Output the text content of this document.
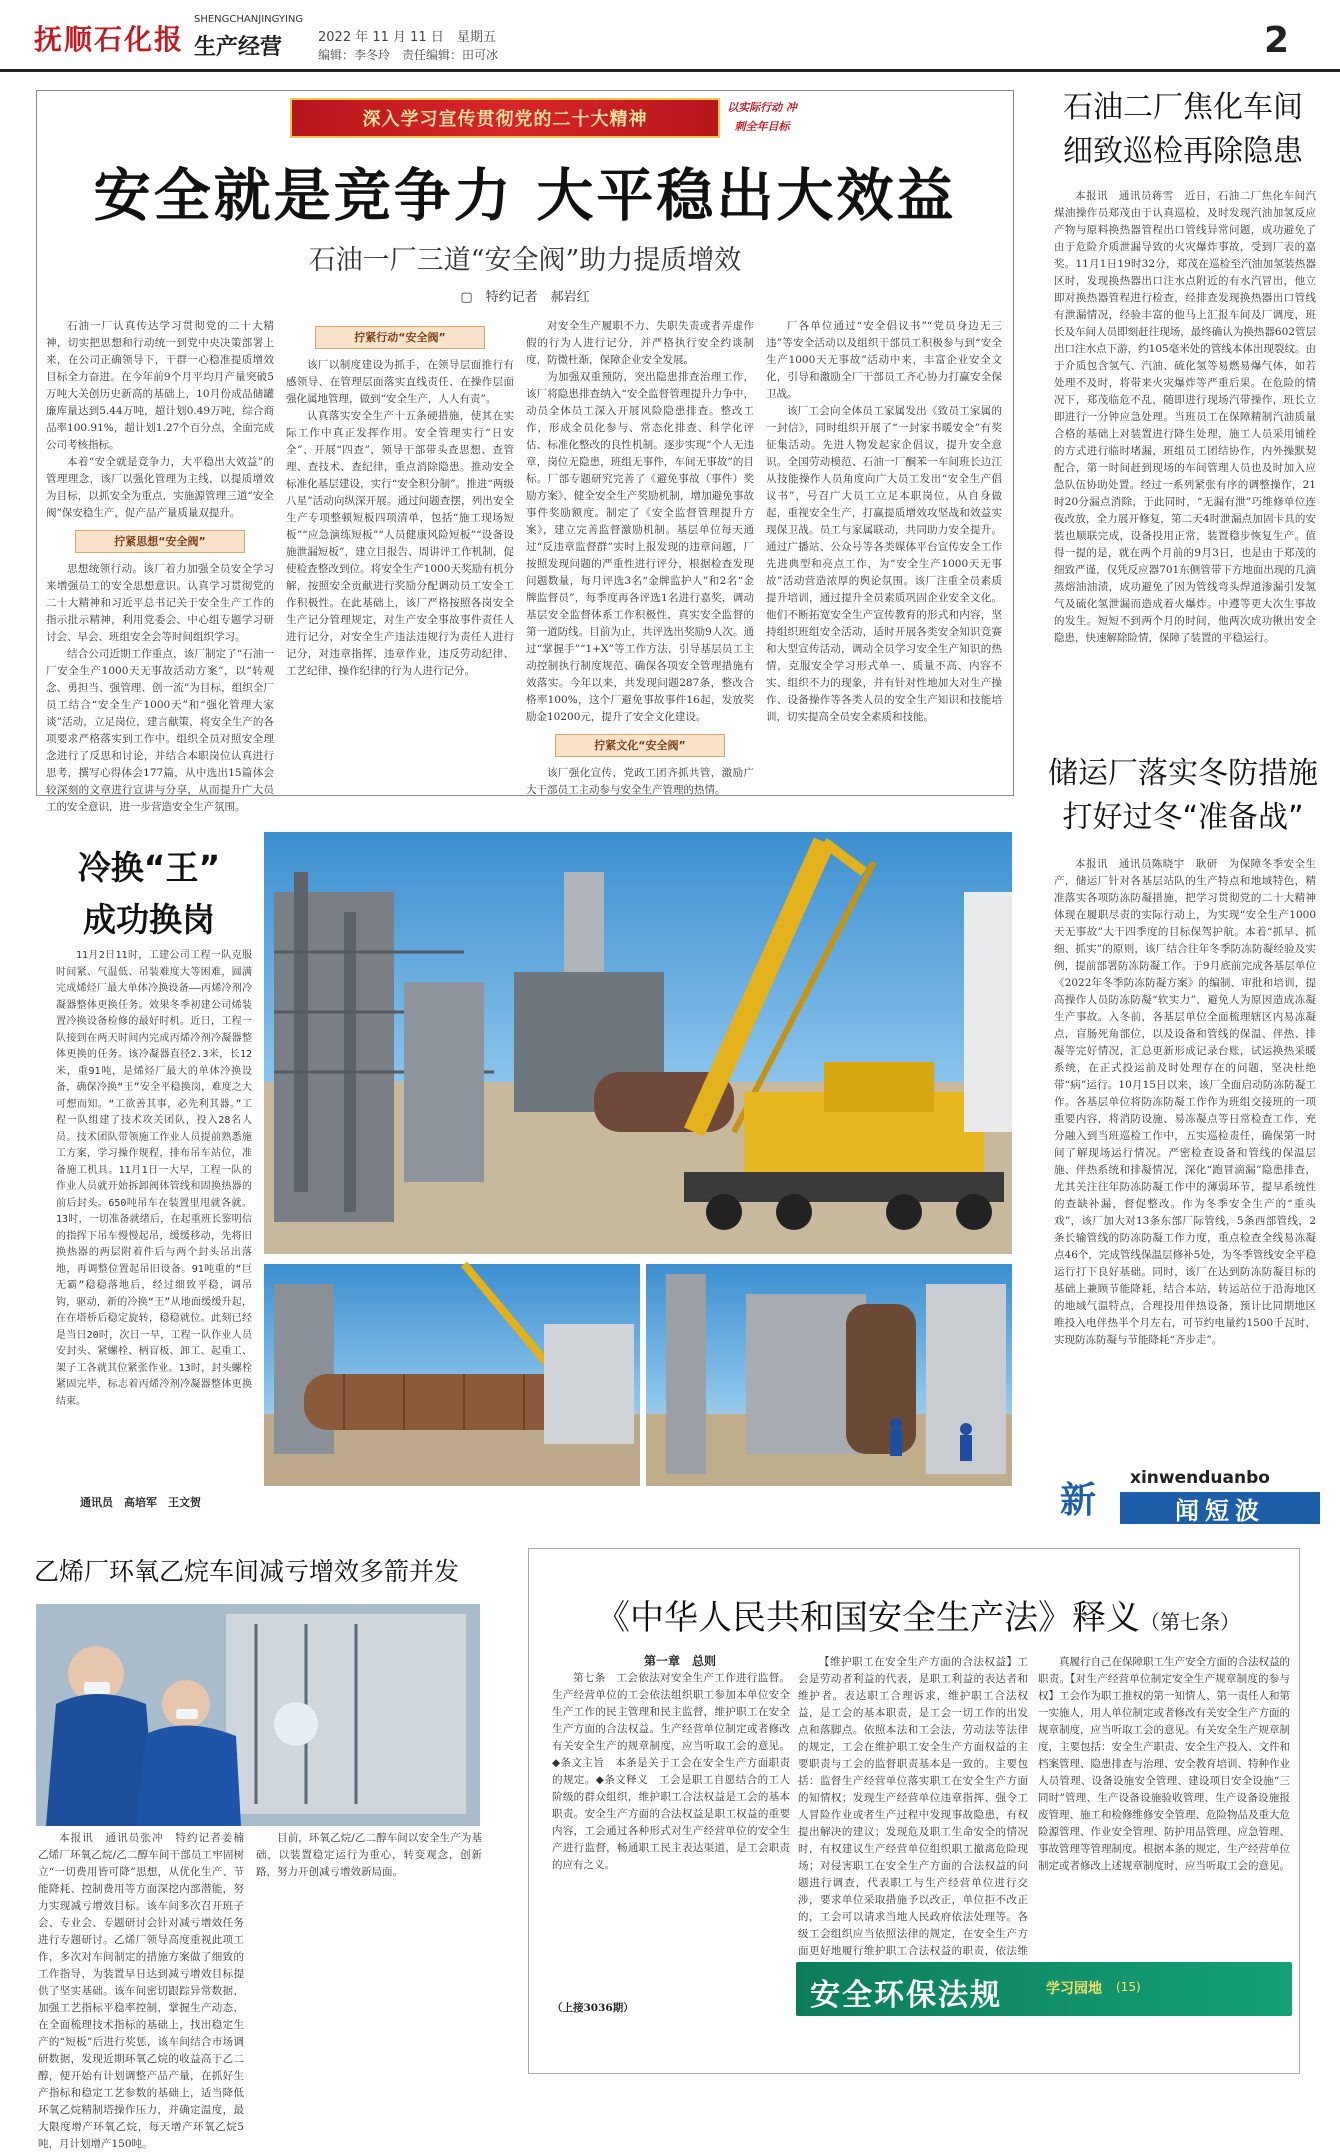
抚顺石化报
SHENGCHANJINGYING
生产经营	2022 年 11 月 11 日　星期五
编辑：李冬玲　责任编辑：田可冰	2
深入学习宣传贯彻党的二十大精神
以实际行动 冲刺全年目标
安全就是竞争力 大平稳出大效益
石油一厂三道“安全阀”助力提质增效
▢　特约记者　郝岩红

石油一厂认真传达学习贯彻党的二十大精神，切实把思想和行动统一到党中央决策部署上来，在公司正确领导下，干群一心稳准提质增效目标全力奋进。在今年前9个月平均月产量突破5万吨大关创历史新高的基础上，10月份成品储罐廉库量达到5.44万吨，超计划0.49万吨，综合商品率100.91%，超计划1.27个百分点，全面完成公司考核指标。

本着“安全就是竞争力，大平稳出大效益”的管理理念，该厂以强化管理为主线，以提质增效为目标，以抓安全为重点，实施源管理三道“安全阀”保安稳生产，促产品产量质量双提升。

拧紧思想“安全阀”

思想统领行动。该厂着力加强全员安全学习来增强员工的安全思想意识。认真学习贯彻党的二十大精神和习近平总书记关于安全生产工作的指示批示精神，利用党委会、中心组专题学习研讨会、早会、班组安全会等时间组织学习。

结合公司近期工作重点，该厂制定了“石油一厂安全生产1000天无事故活动方案”，以“转观念、勇担当、强管理、创一流”为目标，组织全厂员工结合“安全生产1000天”和“强化管理大家谈”活动，立足岗位，建言献策，将安全生产的各项要求严格落实到工作中。组织全员对照安全理念进行了反思和讨论，并结合本职岗位认真进行思考，撰写心得体会177篇，从中选出15篇体会较深刻的文章进行宣讲与分享，从而提升广大员工的安全意识，进一步营造安全生产氛围。

拧紧行动“安全阀”

该厂以制度建设为抓手，在领导层面推行有感领导、在管理层面落实直线责任、在操作层面强化属地管理，做到“安全生产，人人有责”。

认真落实安全生产十五条硬措施，使其在实际工作中真正发挥作用。安全管理实行“日安全”、开展“四查”，领导干部带头查思想、查管理、查技术、查纪律，重点消除隐患。推动安全标准化基层建设，实行“安全积分制”。推进“两级八星”活动向纵深开展。通过问题查摆，列出安全生产专项整顿短板四项清单，包括“施工现场短板”“应急演练短板”“人员健康风险短板”“设备设施泄漏短板”，建立目报告、周讲评工作机制，促使检查整改到位。将安全生产1000天奖励有机分解，按照安全贡献进行奖励分配调动员工安全工作积极性。在此基础上，该厂严格按照各岗安全生产记分管理规定，对生产安全事故事件责任人进行记分，对安全生产违法违规行为责任人进行记分，对违章指挥、违章作业，违反劳动纪律、工艺纪律、操作纪律的行为人进行记分。

对安全生产履职不力、失职失责或者弄虚作假的行为人进行记分，并严格执行安全约谈制度，防微杜渐，保障企业安全发展。

为加强双重预防，突出隐患排查治理工作，该厂将隐患排查纳入“安全监督管理提升力争中，动员全体员工深入开展风险隐患排查。整改工作，形成全员化参与、常态化排查、科学化评估、标准化整改的良性机制。逐步实现“个人无违章，岗位无隐患，班组无事件，车间无事故”的目标。厂部专题研究完善了《避免事故（事件）奖励方案》、健全安全生产奖励机制，增加避免事故事件奖励额度。制定了《安全监督管理提升方案》，建立完善监督激励机制。基层单位每天通过“反违章监督群”实时上报发现的违章问题，厂按照发现问题的严重性进行评分，根据检查发现问题数量，每月评选3名“金牌监护人”和2名“金牌监督员”，每季度再各评选1名进行嘉奖，调动基层安全监督体系工作积极性，真实安全监督的第一道防线。目前为止，共评选出奖励9人次。通过“掌握手”“1+X”等工作方法，引导基层员工主动控制执行制度规范、确保各项安全管理措施有效落实。今年以来，共发现问题287条，整改合格率100%，这个厂避免事故事件16起，发放奖励金10200元，提升了安全文化建设。

拧紧文化“安全阀”

该厂强化宣传，党政工团齐抓共管，激励广大干部员工主动参与安全生产管理的热情。

厂各单位通过“安全倡议书”“党员身边无三违”等安全活动以及组织干部员工积极参与到“安全生产1000天无事故”活动中来，丰富企业安全文化，引导和激励全厂干部员工齐心协力打赢安全保卫战。

该厂工会向全体员工家属发出《致员工家属的一封信》，同时组织开展了“一封家书暖安全”有奖征集活动。先进人物发起家企倡议，提升安全意识。全国劳动模范、石油一厂酮苯一车间班长边江从技能操作人员角度向广大员工发出“安全生产倡议书”，号召广大员工立足本职岗位，从自身做起，重视安全生产，打赢提质增效攻坚战和效益实现保卫战。员工与家属联动，共同助力安全提升。通过广播站、公众号等各类媒体平台宣传安全工作先进典型和亮点工作，为“安全生产1000天无事故”活动营造浓厚的舆论氛围。该厂注重全员素质提升培训，通过提升全员素质巩固企业安全文化。他们不断拓宽安全生产宣传教育的形式和内容，坚持组织班组安全活动，适时开展各类安全知识竞赛和大型宣传活动，调动全员学习安全生产知识的热情，克服安全学习形式单一、质量不高、内容不实、组织不力的现象，并有针对性地加大对生产操作、设备操作等各类人员的安全生产知识和技能培训，切实提高全员安全素质和技能。

石油二厂焦化车间
细致巡检再除隐患

本报讯　通讯员蒋雪　近日，石油二厂焦化车间汽煤油操作员郑茂由于认真巡检，及时发现汽油加氢反应产物与原料换热器管程出口管线异常问题，成功避免了由于危险介质泄漏导致的火灾爆炸事故，受到厂表的嘉奖。11月1日19时32分，郑茂在巡检至汽油加氢装热器区时，发现换热器出口注水点附近的有水汽冒出，他立即对换热器管程进行检查，经排查发现换热器出口管线有泄漏情况，经验丰富的他马上汇报车间及厂调度，班长及车间人员即刻赶往现场，最终确认为换热器602管层出口注水点下游，约105毫米处的管线本体出现裂纹。由于介质包含氢气、汽油、硫化氢等易燃易爆气体，如若处理不及时，将带来火灾爆炸等严重后果。在危险的情况下，郑茂临危不乱，随即进行现场汽带操作，班长立即进行一分钟应急处理。当班员工在保障精制汽油质量合格的基础上对装置进行降生处理，施工人员采用铺栓的方式进行临时堵漏，班组员工团结协作，内外操默契配合，第一时间赶到现场的车间管理人员也及时加入应急队伍协助处置。经过一系列紧张有序的调整操作，21时20分漏点消除，于此同时，“无漏有泄”巧维修单位连夜改放，全力展开修复，第二天4时泄漏点加固卡具的安装也顺联完成，设备投用正常，装置稳步恢复生产。值得一提的是，就在两个月前的9月3日，也是由于郑茂的细致严谨，仅凭反应器701东侧管带下方地面出现的几滴蒸熔油油渍，成功避免了因为管线弯头焊道渗漏引发氢气及硫化氢泄漏而造成着火爆炸。中遵等更大次生事故的发生。短短不到两个月的时间，他两次成功揪出安全隐患，快速解除险情，保障了装置的平稳运行。

储运厂落实冬防措施
打好过冬“准备战”

本报讯　通讯员陈晓宇　耿研　为保障冬季安全生产，储运厂针对各基层站队的生产特点和地域特色，精准落实各项防冻防凝措施，把学习贯彻党的二十大精神体现在履职尽责的实际行动上，为实现“安全生产1000天无事故”大干四季度的目标保驾护航。本着“抓早、抓细、抓实”的原则，该厂结合往年冬季防冻防凝经验及实例，提前部署防冻防凝工作。于9月底前完成各基层单位《2022年冬季防冻防凝方案》的编制、审批和培训，提高操作人员防冻防凝“软实力”，避免人为原因造成冻凝生产事故。入冬前，各基层单位全面梳理辖区内易冻凝点，盲肠死角部位，以及设备和管线的保温、伴热、排凝等完好情况，汇总更新形成记录台账，试运换热采暖系统，在正式投运前及时处理存在的问题，坚决杜绝带“病”运行。10月15日以来，该厂全面启动防冻防凝工作。各基层单位将防冻防凝工作作为班组交接班的一项重要内容，将消防设施、易冻凝点等日常检查工作，充分融入到当班巡检工作中，五实巡检责任，确保第一时间了解现场运行情况。严密检查设备和管线的保温层施、伴热系统和排凝情况，深化“跑冒滴漏”隐患排查，尤其关注往年防冻防凝工作中的薄弱环节，提早系统性的查缺补漏，督促整改。作为冬季安全生产的“重头戏”，该厂加大对13条东部厂际管线，5条西部管线，2条长输管线的防冻防凝工作力度，重点检查全线易冻凝点46个，完成管线保温层修补5处，为冬季管线安全平稳运行打下良好基础。同时，该厂在达到防冻防凝目标的基础上兼顾节能降耗，结合本站，转运站位于沿海地区的地域气温特点，合理投用伴热设备，预计比同期地区唯投入电伴热半个月左右，可节约电量约1500千瓦时，实现防冻防凝与节能降耗“齐步走”。

xinwenduanbo
新	闻短波
冷换“王”
成功换岗

11月2日11时，工建公司工程一队克服时间紧、气温低、吊装难度大等困难，圆满完成烯烃厂最大单体冷换设备——丙烯冷剂冷凝器整体更换任务。效果冬季初建公司烯装置冷换设备检修的最好时机。近日，工程一队接到在两天时间内完成丙烯冷剂冷凝器整体更换的任务。该冷凝器直径2.3米，长12米，重91吨，是烯烃厂最大的单体冷换设备，确保冷换“王”安全平稳换岗，难度之大可想而知。“工欲善其事，必先利其器。”工程一队组建了技术攻关团队，投入28名人员。技术团队带领施工作业人员提前熟悉施工方案，学习操作规程，排布吊车站位，准备施工机具。11月1日一大早，工程一队的作业人员就开始拆卸阀体管线和固换热器的前后封头。650吨吊车在装置里甩就各就。13时，一切准备就绪后，在起重班长鉴明信的指挥下吊车慢慢起吊，缓缓移动，先将旧换热器的两层附着件后与两个封头吊出落地，再调整位置起吊旧设备。91吨重的“巨无霸”稳稳落地后，经过细致平稳，调吊钩，驱动，新的冷换“王”从地面缓缓升起，在在塔桥后稳定旋转，稳稳就位。此刻已经是当日20时，次日一早，工程一队作业人员安封头、紧螺栓、柄盲板、卸工、起重工、架子工各就其位紧张作业。13时，封头螺栓紧固完毕，标志着丙烯冷剂冷凝器整体更换结束。

通讯员　高培军　王文贺
乙烯厂环氧乙烷车间减亏增效多箭并发

本报讯　通讯员张冲　特约记者姜楠　乙烯厂环氧乙烷/乙二醇车间干部员工牢固树立“一切费用皆可降”思想，从优化生产、节能降耗、控制费用等方面深挖内部潜能，努力实现减亏增效目标。该车间多次召开班子会、专业会、专题研讨会针对减亏增效任务进行专题研讨。乙烯厂领导高度重视此项工作，多次对车间制定的措施方案做了细致的工作指导，为装置早日达到减亏增效目标提供了坚实基础。该车间密切跟踪异常数据，加强工艺指标平稳率控制，掌握生产动态，在全面梳理技术指标的基础上，找出稳定生产的“短板”后进行奖惩，该车间结合市场调研数据，发现近期环氧乙烷的收益高于乙二醇，便开始有计划调整产品产量，在抓好生产指标和稳定工艺参数的基础上，适当降低环氧乙烷精制塔操作压力，并确定温度，最大限度增产环氧乙烷，每天增产环氧乙烷5吨，月计划增产150吨。

目前，环氧乙烷/乙二醇车间以安全生产为基础，以装置稳定运行为重心，转变观念，创新路，努力开创减亏增效新局面。

《中华人民共和国安全生产法》释义（第七条）
第一章　总则

第七条　工会依法对安全生产工作进行监督。生产经营单位的工会依法组织职工参加本单位安全生产工作的民主管理和民主监督，维护职工在安全生产方面的合法权益。生产经营单位制定或者修改有关安全生产的规章制度，应当听取工会的意见。◆条文主旨　本条是关于工会在安全生产方面职责的规定。◆条文释义　工会是职工自愿结合的工人阶级的群众组织，维护职工合法权益是工会的基本职责。安全生产方面的合法权益是职工权益的重要内容，工会通过各种形式对生产经营单位的安全生产进行监督，畅通职工民主表达渠道，是工会职责的应有之义。

（上接3036期）

【维护职工在安全生产方面的合法权益】工会是劳动者利益的代表，是职工利益的表达者和维护者。表达职工合理诉求，维护职工合法权益，是工会的基本职责，是工会一切工作的出发点和落脚点。依照本法和工会法，劳动法等法律的规定，工会在维护职工安全生产方面权益的主要职责与工会的监督职责基本是一致的。主要包括：监督生产经营单位落实职工在安全生产方面的知情权；发现生产经营单位违章指挥、强令工人冒险作业或者生产过程中发现事故隐患，有权提出解决的建议；发现危及职工生命安全的情况时，有权建议生产经营单位组织职工撤离危险现场；对侵害职工在安全生产方面的合法权益的问题进行调查，代表职工与生产经营单位进行交涉，要求单位采取措施予以改正，单位拒不改正的，工会可以请求当地人民政府依法处理等。各级工会组织应当依照法律的规定，在安全生产方面更好地履行维护职工合法权益的职责，依法维

真履行自己在保障职工生产安全方面的合法权益的职责。【对生产经营单位制定安全生产规章制度的参与权】工会作为职工推权的第一知情人、第一责任人和第一实施人，用人单位制定或者修改有关安全生产方面的规章制度，应当听取工会的意见。有关安全生产规章制度，主要包括：安全生产职责、安全生产投入、文件和档案管理、隐患排查与治理、安全教育培训、特种作业人员管理、设备设施安全管理、建设项目安全设施“三同时”管理、生产设备设施验收管理、生产设备设施报废管理、施工和检修维修安全管理、危险物品及重大危险源管理、作业安全管理、防护用品管理、应急管理、事故管理等管理制度。根据本条的规定，生产经营单位制定或者修改上述规章制度时，应当听取工会的意见。

安全环保法规	学习园地 (15)
